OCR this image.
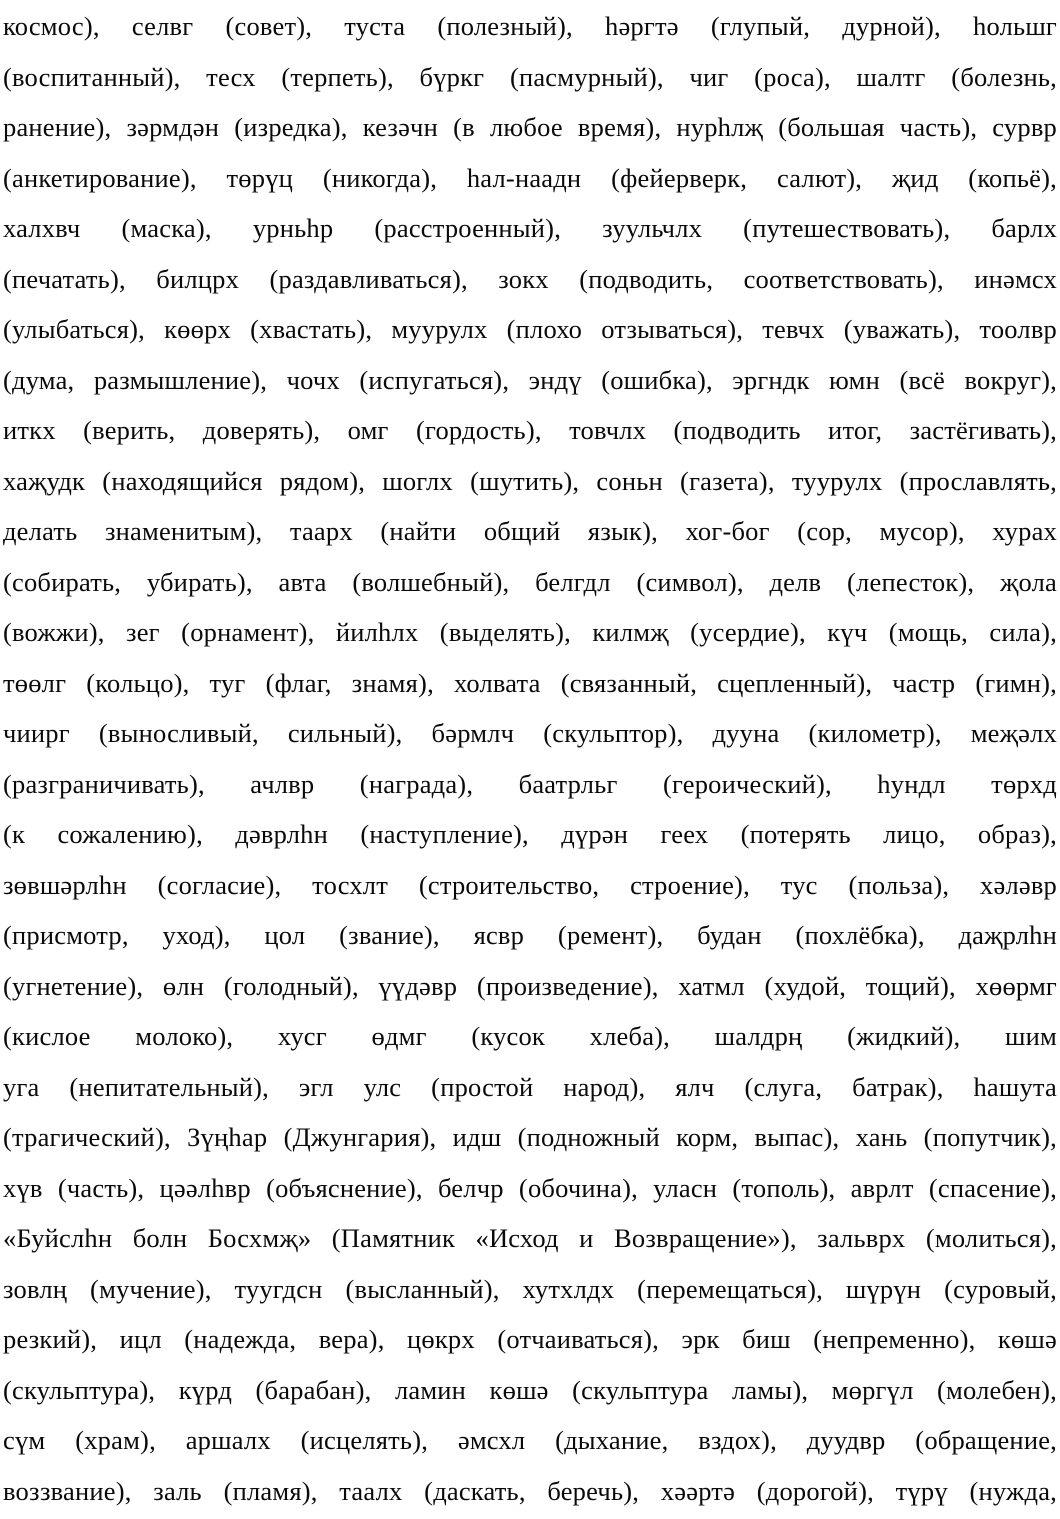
космос), селвг (совет), туста (полезный), һәргтә (глупый, дурной), һольшг
(воспитанный), тесх (терпеть), бүркг (пасмурный), чиг (роса), шалтг (болезнь,
ранение), зәрмдән (изредка), кезәчн (в любое время), нурһлҗ (большая часть), сурвр
(анкетирование), төрүц (никогда), һал-наадн (фейерверк, салют), җид (копьё),
халхвч (маска), урньһр (расстроенный), зуульчлх (путешествовать), барлх
(печатать), билцрх (раздавливаться), зокх (подводить, соответствовать), инәмсх
(улыбаться), көөрх (хвастать), муурулх (плохо отзываться), тевчх (уважать), тоолвр
(дума, размышление), чочх (испугаться), эндү (ошибка), эргндк юмн (всё вокруг),
иткх (верить, доверять), омг (гордость), товчлх (подводить итог, застёгивать),
хаҗудк (находящийся рядом), шоглх (шутить), соньн (газета), туурулх (прославлять,
делать знаменитым), таарх (найти общий язык), хог-бог (сор, мусор), хурах
(собирать, убирать), авта (волшебный), белгдл (символ), делв (лепесток), җола
(вожжи), зег (орнамент), йилһлх (выделять), килмҗ (усердие), күч (мощь, сила),
төөлг (кольцо), туг (флаг, знамя), холвата (связанный, сцепленный), частр (гимн),
чиирг (выносливый, сильный), бәрмлч (скульптор), дууна (километр), меҗәлх
(разграничивать), ачлвр (награда), баатрльг (героический), һундл төрхд
(к сожалению), дәврлһн (наступление), дүрән геех (потерять лицо, образ),
зөвшәрлһн (согласие), тосхлт (строительство, строение), тус (польза), хәләвр
(присмотр, уход), цол (звание), ясвр (ремент), будан (похлёбка), даҗрлһн
(угнетение), өлн (голодный), үүдәвр (произведение), хатмл (худой, тощий), хөөрмг
(кислое молоко), хусг өдмг (кусок хлеба), шалдрң (жидкий), шим
уга (непитательный), эгл улс (простой народ), ялч (слуга, батрак), һашута
(трагический), Зүңһар (Джунгария), идш (подножный корм, выпас), хань (попутчик),
хүв (часть), цәәлһвр (объяснение), белчр (обочина), уласн (тополь), аврлт (спасение),
«Буйслһн болн Босхмҗ» (Памятник «Исход и Возвращение»), зальврх (молиться),
зовлң (мучение), туугдсн (высланный), хутхлдх (перемещаться), шүрүн (суровый,
резкий), ицл (надежда, вера), цөкрх (отчаиваться), эрк биш (непременно), көшә
(скульптура), күрд (барабан), ламин көшә (скульптура ламы), мөргүл (молебен),
сүм (храм), аршалх (исцелять), әмсхл (дыхание, вздох), дуудвр (обращение,
воззвание), заль (пламя), таалх (даскать, беречь), хәәртә (дорогой), түрү (нужда,
